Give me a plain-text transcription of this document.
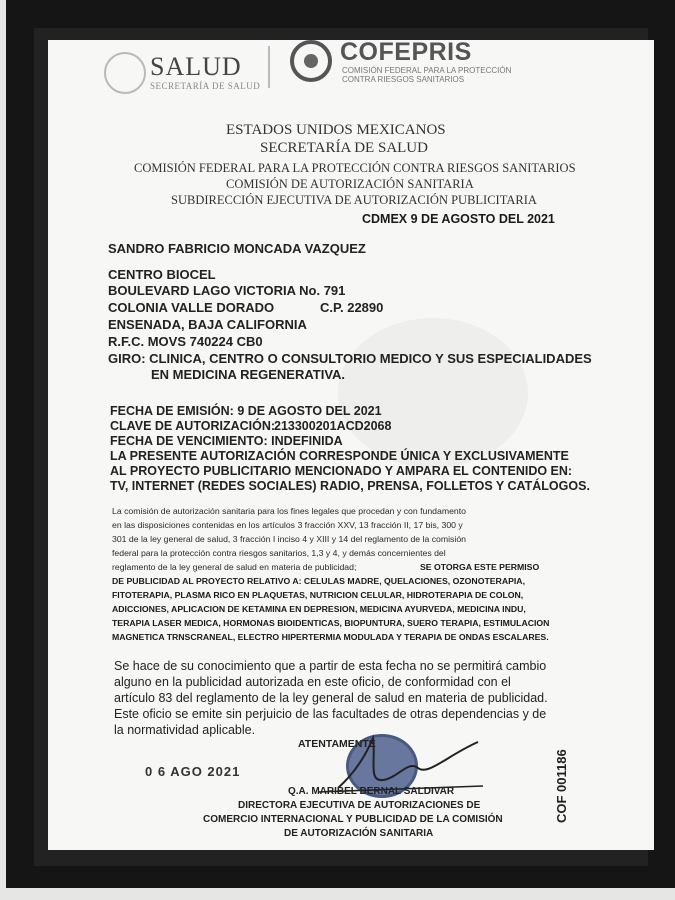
SALUD
SECRETARÍA DE SALUD
COFEPRIS
COMISIÓN FEDERAL PARA LA PROTECCIÓN
CONTRA RIESGOS SANITARIOS
ESTADOS UNIDOS MEXICANOS
SECRETARÍA DE SALUD
COMISIÓN FEDERAL PARA LA PROTECCIÓN CONTRA RIESGOS SANITARIOS
COMISIÓN DE AUTORIZACIÓN SANITARIA
SUBDIRECCIÓN EJECUTIVA DE AUTORIZACIÓN PUBLICITARIA
CDMEX 9 DE AGOSTO DEL 2021
SANDRO FABRICIO MONCADA VAZQUEZ
CENTRO BIOCEL
BOULEVARD LAGO VICTORIA No. 791
COLONIA VALLE DORADO	C.P. 22890
ENSENADA, BAJA CALIFORNIA
R.F.C. MOVS 740224 CB0
GIRO: CLINICA, CENTRO O CONSULTORIO MEDICO Y SUS ESPECIALIDADES
EN MEDICINA REGENERATIVA.
FECHA DE EMISIÓN: 9 DE AGOSTO DEL 2021
CLAVE DE AUTORIZACIÓN:
213300201ACD2068
FECHA DE VENCIMIENTO: INDEFINIDA
LA PRESENTE AUTORIZACIÓN CORRESPONDE ÚNICA Y EXCLUSIVAMENTE
AL PROYECTO PUBLICITARIO MENCIONADO Y AMPARA EL CONTENIDO EN:
TV, INTERNET (REDES SOCIALES) RADIO, PRENSA, FOLLETOS Y CATÁLOGOS.
La comisión de autorización sanitaria para los fines legales que procedan y con fundamento
en las disposiciones contenidas en los artículos 3 fracción XXV, 13 fracción II, 17 bis, 300 y
301 de la ley general de salud, 3 fracción I inciso 4 y XIII y 14 del reglamento de la comisión
federal para la protección contra riesgos sanitarios, 1,3 y 4, y demás concernientes del
reglamento de la ley general de salud en materia de publicidad;	SE OTORGA ESTE PERMISO
DE PUBLICIDAD AL PROYECTO RELATIVO A: CELULAS MADRE, QUELACIONES, OZONOTERAPIA,
FITOTERAPIA, PLASMA RICO EN PLAQUETAS, NUTRICION CELULAR, HIDROTERAPIA DE COLON,
ADICCIONES, APLICACION DE KETAMINA EN DEPRESION, MEDICINA AYURVEDA, MEDICINA INDU,
TERAPIA LASER MEDICA, HORMONAS BIOIDENTICAS, BIOPUNTURA, SUERO TERAPIA, ESTIMULACION
MAGNETICA TRNSCRANEAL, ELECTRO HIPERTERMIA MODULADA Y TERAPIA DE ONDAS ESCALARES.
Se hace de su conocimiento que a partir de esta fecha no se permitirá cambio
alguno en la publicidad autorizada en este oficio, de conformidad con el
artículo 83 del reglamento de la ley general de salud en materia de publicidad.
Este oficio se emite sin perjuicio de las facultades de otras dependencias y de
la normatividad aplicable.
ATENTAMENTE
0 6 AGO 2021
Q.A. MARIBEL BERNAL SALDIVAR
DIRECTORA EJECUTIVA DE AUTORIZACIONES DE
COMERCIO INTERNACIONAL Y PUBLICIDAD DE LA COMISIÓN
DE AUTORIZACIÓN SANITARIA
COF 001186
